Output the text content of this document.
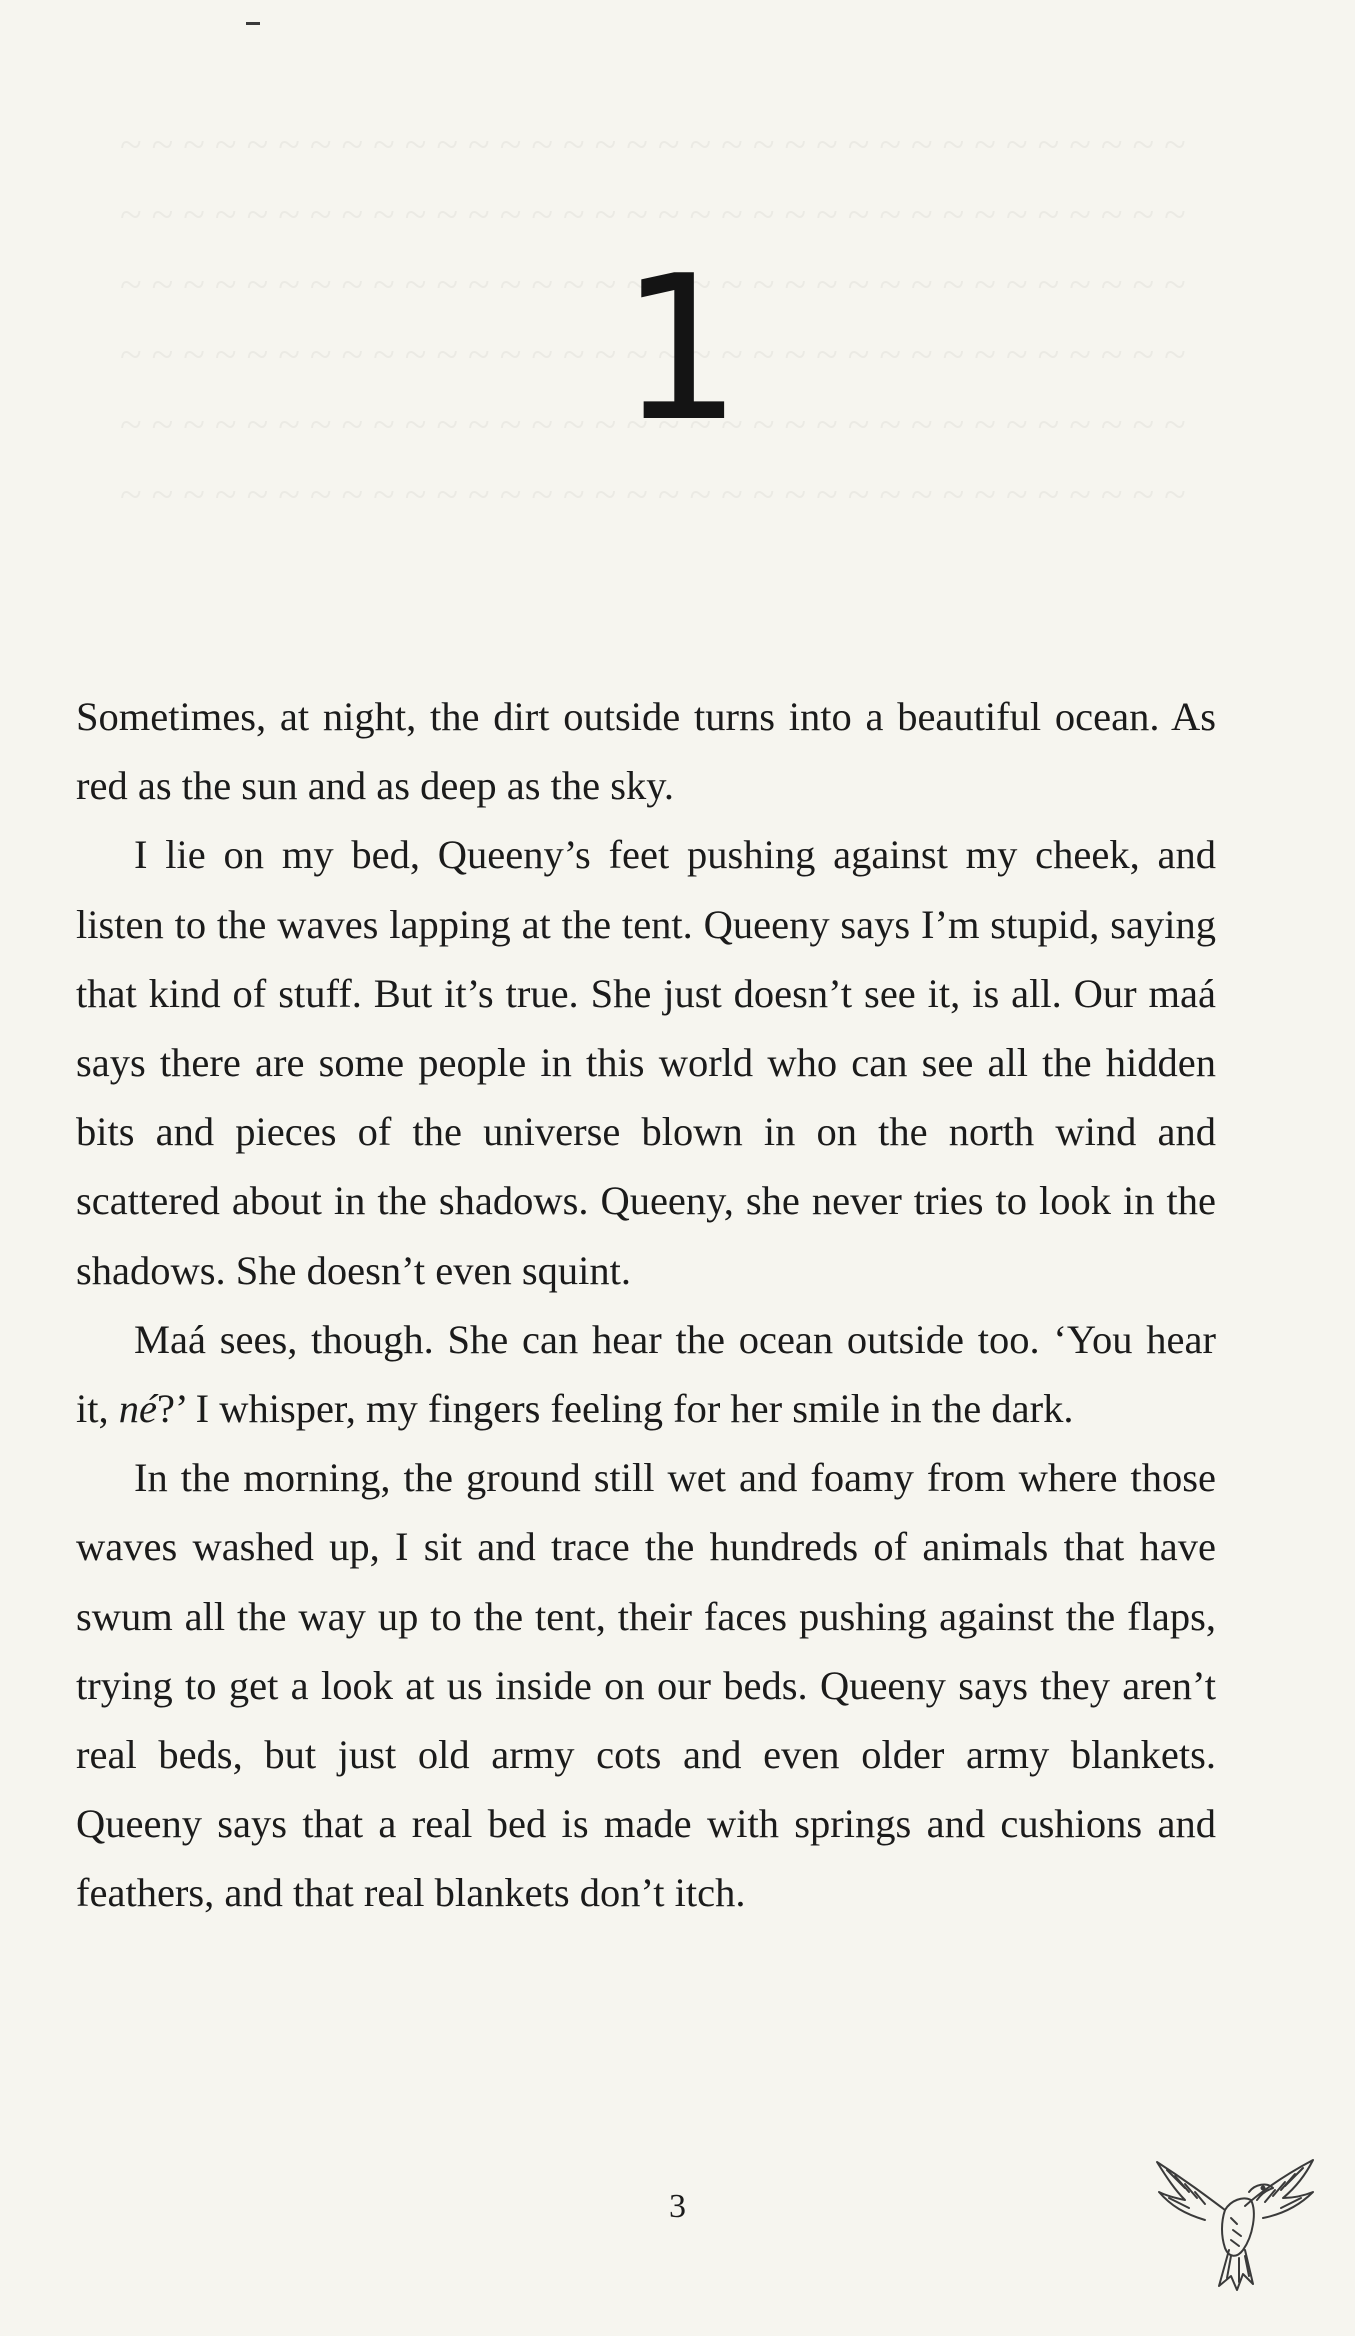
1

Sometimes, at night, the dirt outside turns into a beautiful ocean. As red as the sun and as deep as the sky.

I lie on my bed, Queeny’s feet pushing against my cheek, and listen to the waves lapping at the tent. Queeny says I’m stupid, saying that kind of stuff. But it’s true. She just doesn’t see it, is all. Our maá says there are some people in this world who can see all the hidden bits and pieces of the universe blown in on the north wind and scattered about in the shadows. Queeny, she never tries to look in the shadows. She doesn’t even squint.

Maá sees, though. She can hear the ocean outside too. ‘You hear it, né?’ I whisper, my fingers feeling for her smile in the dark.

In the morning, the ground still wet and foamy from where those waves washed up, I sit and trace the hundreds of animals that have swum all the way up to the tent, their faces pushing against the flaps, trying to get a look at us inside on our beds. Queeny says they aren’t real beds, but just old army cots and even older army blankets. Queeny says that a real bed is made with springs and cushions and feathers, and that real blankets don’t itch.

3
